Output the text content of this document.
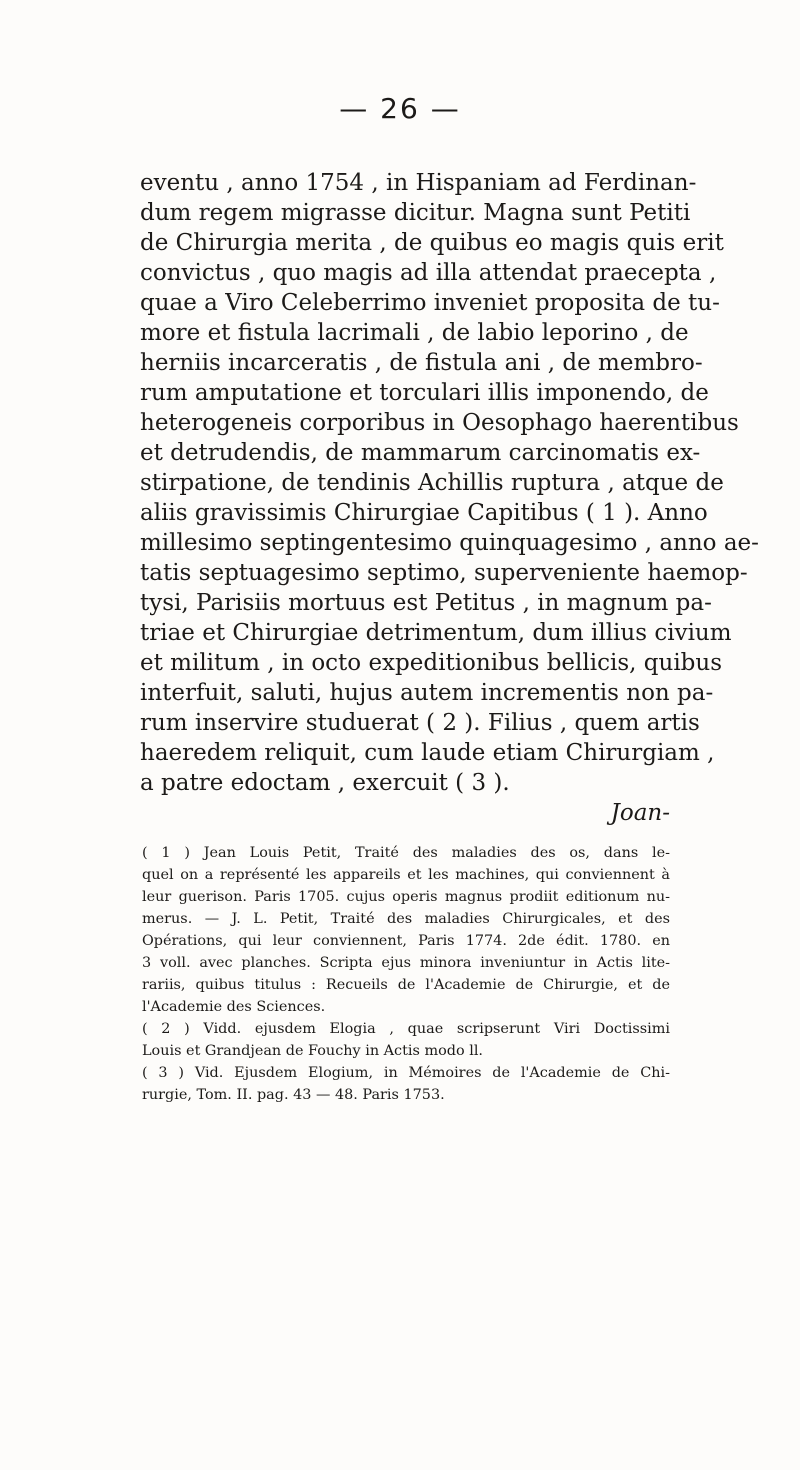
— 26 —
eventu , anno 1754 , in Hispaniam ad Ferdinan-
dum regem migrasse dicitur. Magna sunt Petiti
de Chirurgia merita , de quibus eo magis quis erit
convictus , quo magis ad illa attendat praecepta ,
quae a Viro Celeberrimo inveniet proposita de tu-
more et fistula lacrimali , de labio leporino , de
herniis incarceratis , de fistula ani , de membro-
rum amputatione et torculari illis imponendo, de
heterogeneis corporibus in Oesophago haerentibus
et detrudendis, de mammarum carcinomatis ex-
stirpatione, de tendinis Achillis ruptura , atque de
aliis gravissimis Chirurgiae Capitibus ( 1 ). Anno
millesimo septingentesimo quinquagesimo , anno ae-
tatis septuagesimo septimo, superveniente haemop-
tysi, Parisiis mortuus est Petitus , in magnum pa-
triae et Chirurgiae detrimentum, dum illius civium
et militum , in octo expeditionibus bellicis, quibus
interfuit, saluti, hujus autem incrementis non pa-
rum inservire studuerat ( 2 ). Filius , quem artis
haeredem reliquit, cum laude etiam Chirurgiam ,
a patre edoctam , exercuit ( 3 ).
Joan-
( 1 ) Jean Louis Petit, Traité des maladies des os, dans le-
quel on a représenté les appareils et les machines, qui conviennent à
leur guerison. Paris 1705. cujus operis magnus prodiit editionum nu-
merus. — J. L. Petit, Traité des maladies Chirurgicales, et des
Opérations, qui leur conviennent, Paris 1774. 2de édit. 1780. en
3 voll. avec planches. Scripta ejus minora inveniuntur in Actis lite-
rariis, quibus titulus : Recueils de l'Academie de Chirurgie, et de
l'Academie des Sciences.
( 2 ) Vidd. ejusdem Elogia , quae scripserunt Viri Doctissimi
Louis et Grandjean de Fouchy in Actis modo ll.
( 3 ) Vid. Ejusdem Elogium, in Mémoires de l'Academie de Chi-
rurgie, Tom. II. pag. 43 — 48. Paris 1753.
